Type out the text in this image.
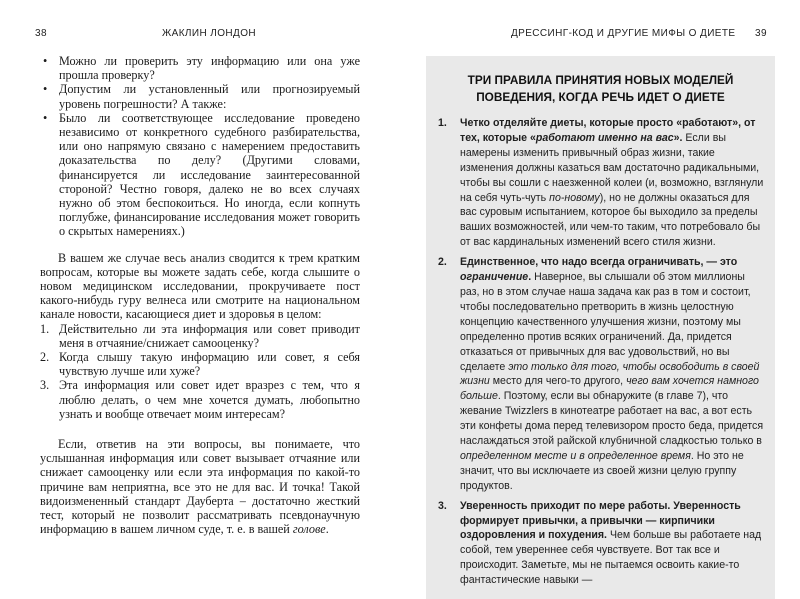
38	ЖАКЛИН ЛОНДОН
• Можно ли проверить эту информацию или она уже прошла проверку?
• Допустим ли установленный или прогнозируемый уровень погрешности? А также:
• Было ли соответствующее исследование проведено независимо от конкретного судебного разбирательства, или оно напрямую связано с намерением предоставить доказательства по делу? (Другими словами, финансируется ли исследование заинтересованной стороной? Честно говоря, далеко не во всех случаях нужно об этом беспокоиться. Но иногда, если копнуть поглубже, финансирование исследования может говорить о скрытых намерениях.)

В вашем же случае весь анализ сводится к трем кратким вопросам, которые вы можете задать себе, когда слышите о новом медицинском исследовании, прокручиваете пост какого-нибудь гуру велнеса или смотрите на национальном канале новости, касающиеся диет и здоровья в целом:

1. Действительно ли эта информация или совет приводит меня в отчаяние/снижает самооценку?
2. Когда слышу такую информацию или совет, я себя чувствую лучше или хуже?
3. Эта информация или совет идет вразрез с тем, что я люблю делать, о чем мне хочется думать, любопытно узнать и вообще отвечает моим интересам?

Если, ответив на эти вопросы, вы понимаете, что услышанная информация или совет вызывает отчаяние или снижает самооценку или если эта информация по какой-то причине вам неприятна, все это не для вас. И точка! Такой видоизмененный стандарт Дауберта – достаточно жесткий тест, который не позволит рассматривать псевдонаучную информацию в вашем личном суде, т. е. в вашей голове.

ДРЕССИНГ-КОД И ДРУГИЕ МИФЫ О ДИЕТЕ 39
ТРИ ПРАВИЛА ПРИНЯТИЯ НОВЫХ МОДЕЛЕЙ ПОВЕДЕНИЯ, КОГДА РЕЧЬ ИДЕТ О ДИЕТЕ
1. Четко отделяйте диеты, которые просто «работают», от тех, которые «работают именно на вас». Если вы намерены изменить привычный образ жизни, такие изменения должны казаться вам достаточно радикальными, чтобы вы сошли с наезженной колеи (и, возможно, взглянули на себя чуть-чуть по-новому), но не должны оказаться для вас суровым испытанием, которое бы выходило за пределы ваших возможностей, или чем-то таким, что потребовало бы от вас кардинальных изменений всего стиля жизни.
2. Единственное, что надо всегда ограничивать, — это ограничение. Наверное, вы слышали об этом миллионы раз, но в этом случае наша задача как раз в том и состоит, чтобы последовательно претворить в жизнь целостную концепцию качественного улучшения жизни, поэтому мы определенно против всяких ограничений. Да, придется отказаться от привычных для вас удовольствий, но вы сделаете это только для того, чтобы освободить в своей жизни место для чего-то другого, чего вам хочется намного больше. Поэтому, если вы обнаружите (в главе 7), что жевание Twizzlers в кинотеатре работает на вас, а вот есть эти конфеты дома перед телевизором просто беда, придется наслаждаться этой райской клубничной сладкостью только в определенном месте и в определенное время. Но это не значит, что вы исключаете из своей жизни целую группу продуктов.
3. Уверенность приходит по мере работы. Уверенность формирует привычки, а привычки — кирпичики оздоровления и похудения. Чем больше вы работаете над собой, тем увереннее себя чувствуете. Вот так все и происходит. Заметьте, мы не пытаемся освоить какие-то фантастические навыки —
